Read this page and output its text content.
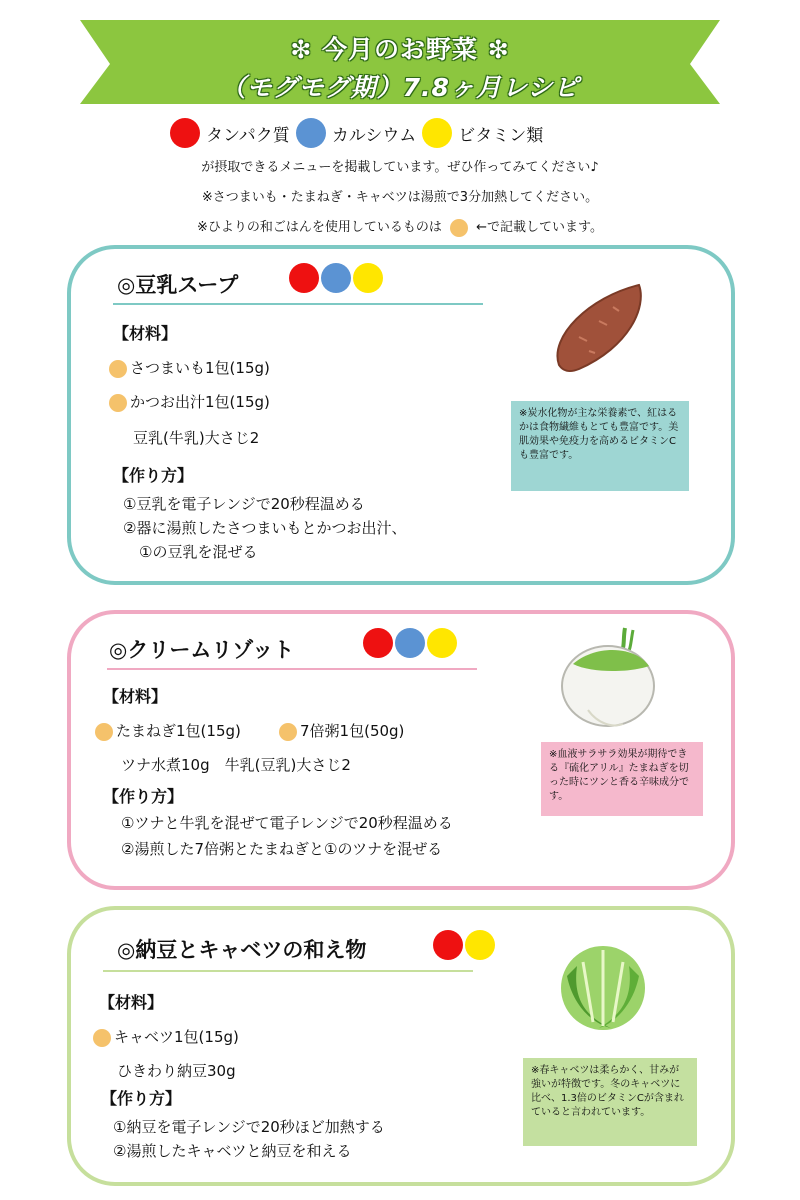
❇ 今月のお野菜 ❇
（モグモグ期）7.8ヶ月レシピ
タンパク質 カルシウム ビタミン類
が摂取できるメニューを掲載しています。ぜひ作ってみてください♪
※さつまいも・たまねぎ・キャベツは湯煎で3分加熱してください。
※ひよりの和ごはんを使用しているものは	←で記載しています。
◎豆乳スープ
【材料】
さつまいも1包(15g)
かつお出汁1包(15g)
豆乳(牛乳)大さじ2
【作り方】
①豆乳を電子レンジで20秒程温める
②器に湯煎したさつまいもとかつお出汁、
①の豆乳を混ぜる
※炭水化物が主な栄養素で、紅はるかは食物繊維もとても豊富です。美肌効果や免疫力を高めるビタミンCも豊富です。
◎クリームリゾット
【材料】
たまねぎ1包(15g)	7倍粥1包(50g)
ツナ水煮10g　牛乳(豆乳)大さじ2
【作り方】
①ツナと牛乳を混ぜて電子レンジで20秒程温める
②湯煎した7倍粥とたまねぎと①のツナを混ぜる
※血液サラサラ効果が期待できる『硫化アリル』たまねぎを切った時にツンと香る辛味成分です。
◎納豆とキャベツの和え物
【材料】
キャベツ1包(15g)
ひきわり納豆30g
【作り方】
①納豆を電子レンジで20秒ほど加熱する
②湯煎したキャベツと納豆を和える
※春キャベツは柔らかく、甘みが強いが特徴です。冬のキャベツに比べ、1.3倍のビタミンCが含まれていると言われています。
